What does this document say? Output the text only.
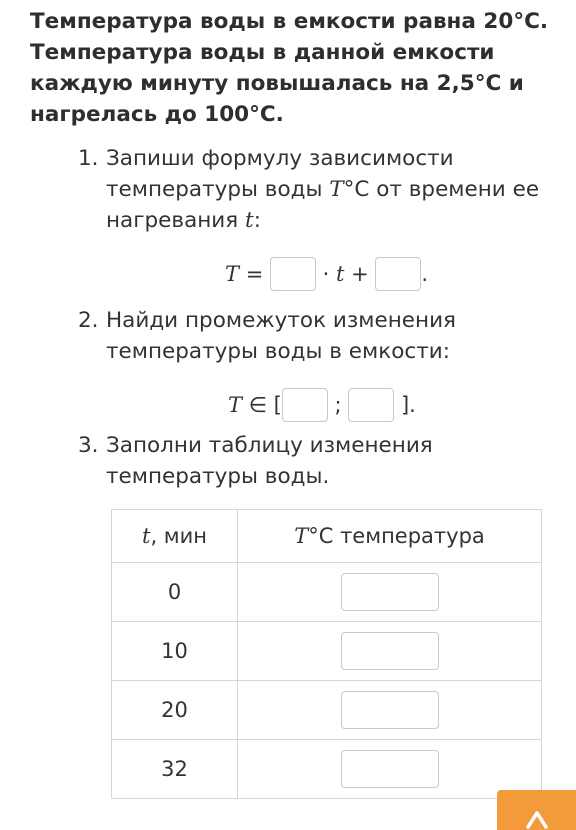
Температура воды в емкости равна 20°С. Температура воды в данной емкости каждую минуту повышалась на 2,5°С и нагрелась до 100°С.
1. Запиши формулу зависимости температуры воды T°С от времени ее нагревания t:
T =  · t + .
2. Найди промежуток изменения температуры воды в емкости:
T ∈ [ ;  ].
3. Заполни таблицу изменения температуры воды.
t, мин	T°С температура
0	
10	
20	
32	
